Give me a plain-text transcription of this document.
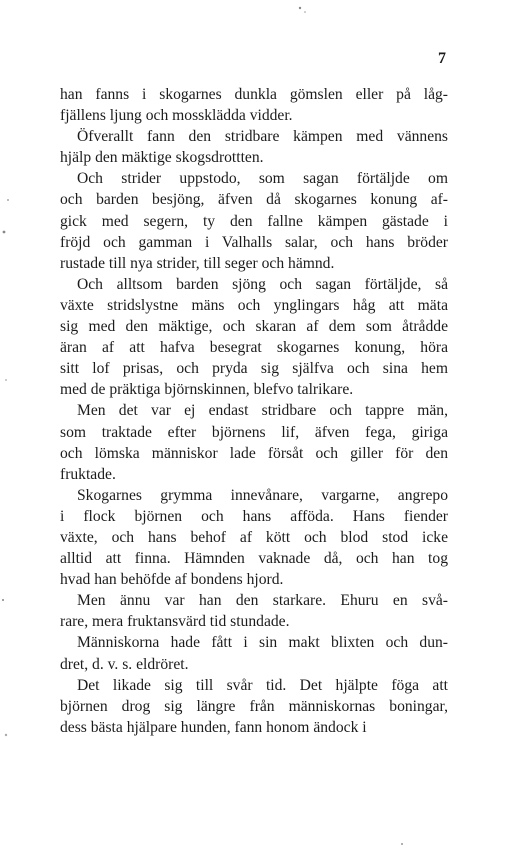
7

han fanns i skogarnes dunkla gömslen eller på låg-
fjällens ljung och mossklädda vidder.

Öfverallt fann den stridbare kämpen med vännens
hjälp den mäktige skogsdrottten.

Och strider uppstodo, som sagan förtäljde om
och barden besjöng, äfven då skogarnes konung af-
gick med segern, ty den fallne kämpen gästade i
fröjd och gamman i Valhalls salar, och hans bröder
rustade till nya strider, till seger och hämnd.

Och alltsom barden sjöng och sagan förtäljde, så
växte stridslystne mäns och ynglingars håg att mäta
sig med den mäktige, och skaran af dem som åtrådde
äran af att hafva besegrat skogarnes konung, höra
sitt lof prisas, och pryda sig själfva och sina hem
med de präktiga björnskinnen, blefvo talrikare.

Men det var ej endast stridbare och tappre män,
som traktade efter björnens lif, äfven fega, giriga
och lömska människor lade försåt och giller för den
fruktade.

Skogarnes grymma innevånare, vargarne, angrepo
i flock björnen och hans afföda. Hans fiender
växte, och hans behof af kött och blod stod icke
alltid att finna. Hämnden vaknade då, och han tog
hvad han behöfde af bondens hjord.

Men ännu var han den starkare. Ehuru en svå-
rare, mera fruktansvärd tid stundade.

Människorna hade fått i sin makt blixten och dun-
dret, d. v. s. eldröret.

Det likade sig till svår tid. Det hjälpte föga att
björnen drog sig längre från människornas boningar,
dess bästa hjälpare hunden, fann honom ändock i
